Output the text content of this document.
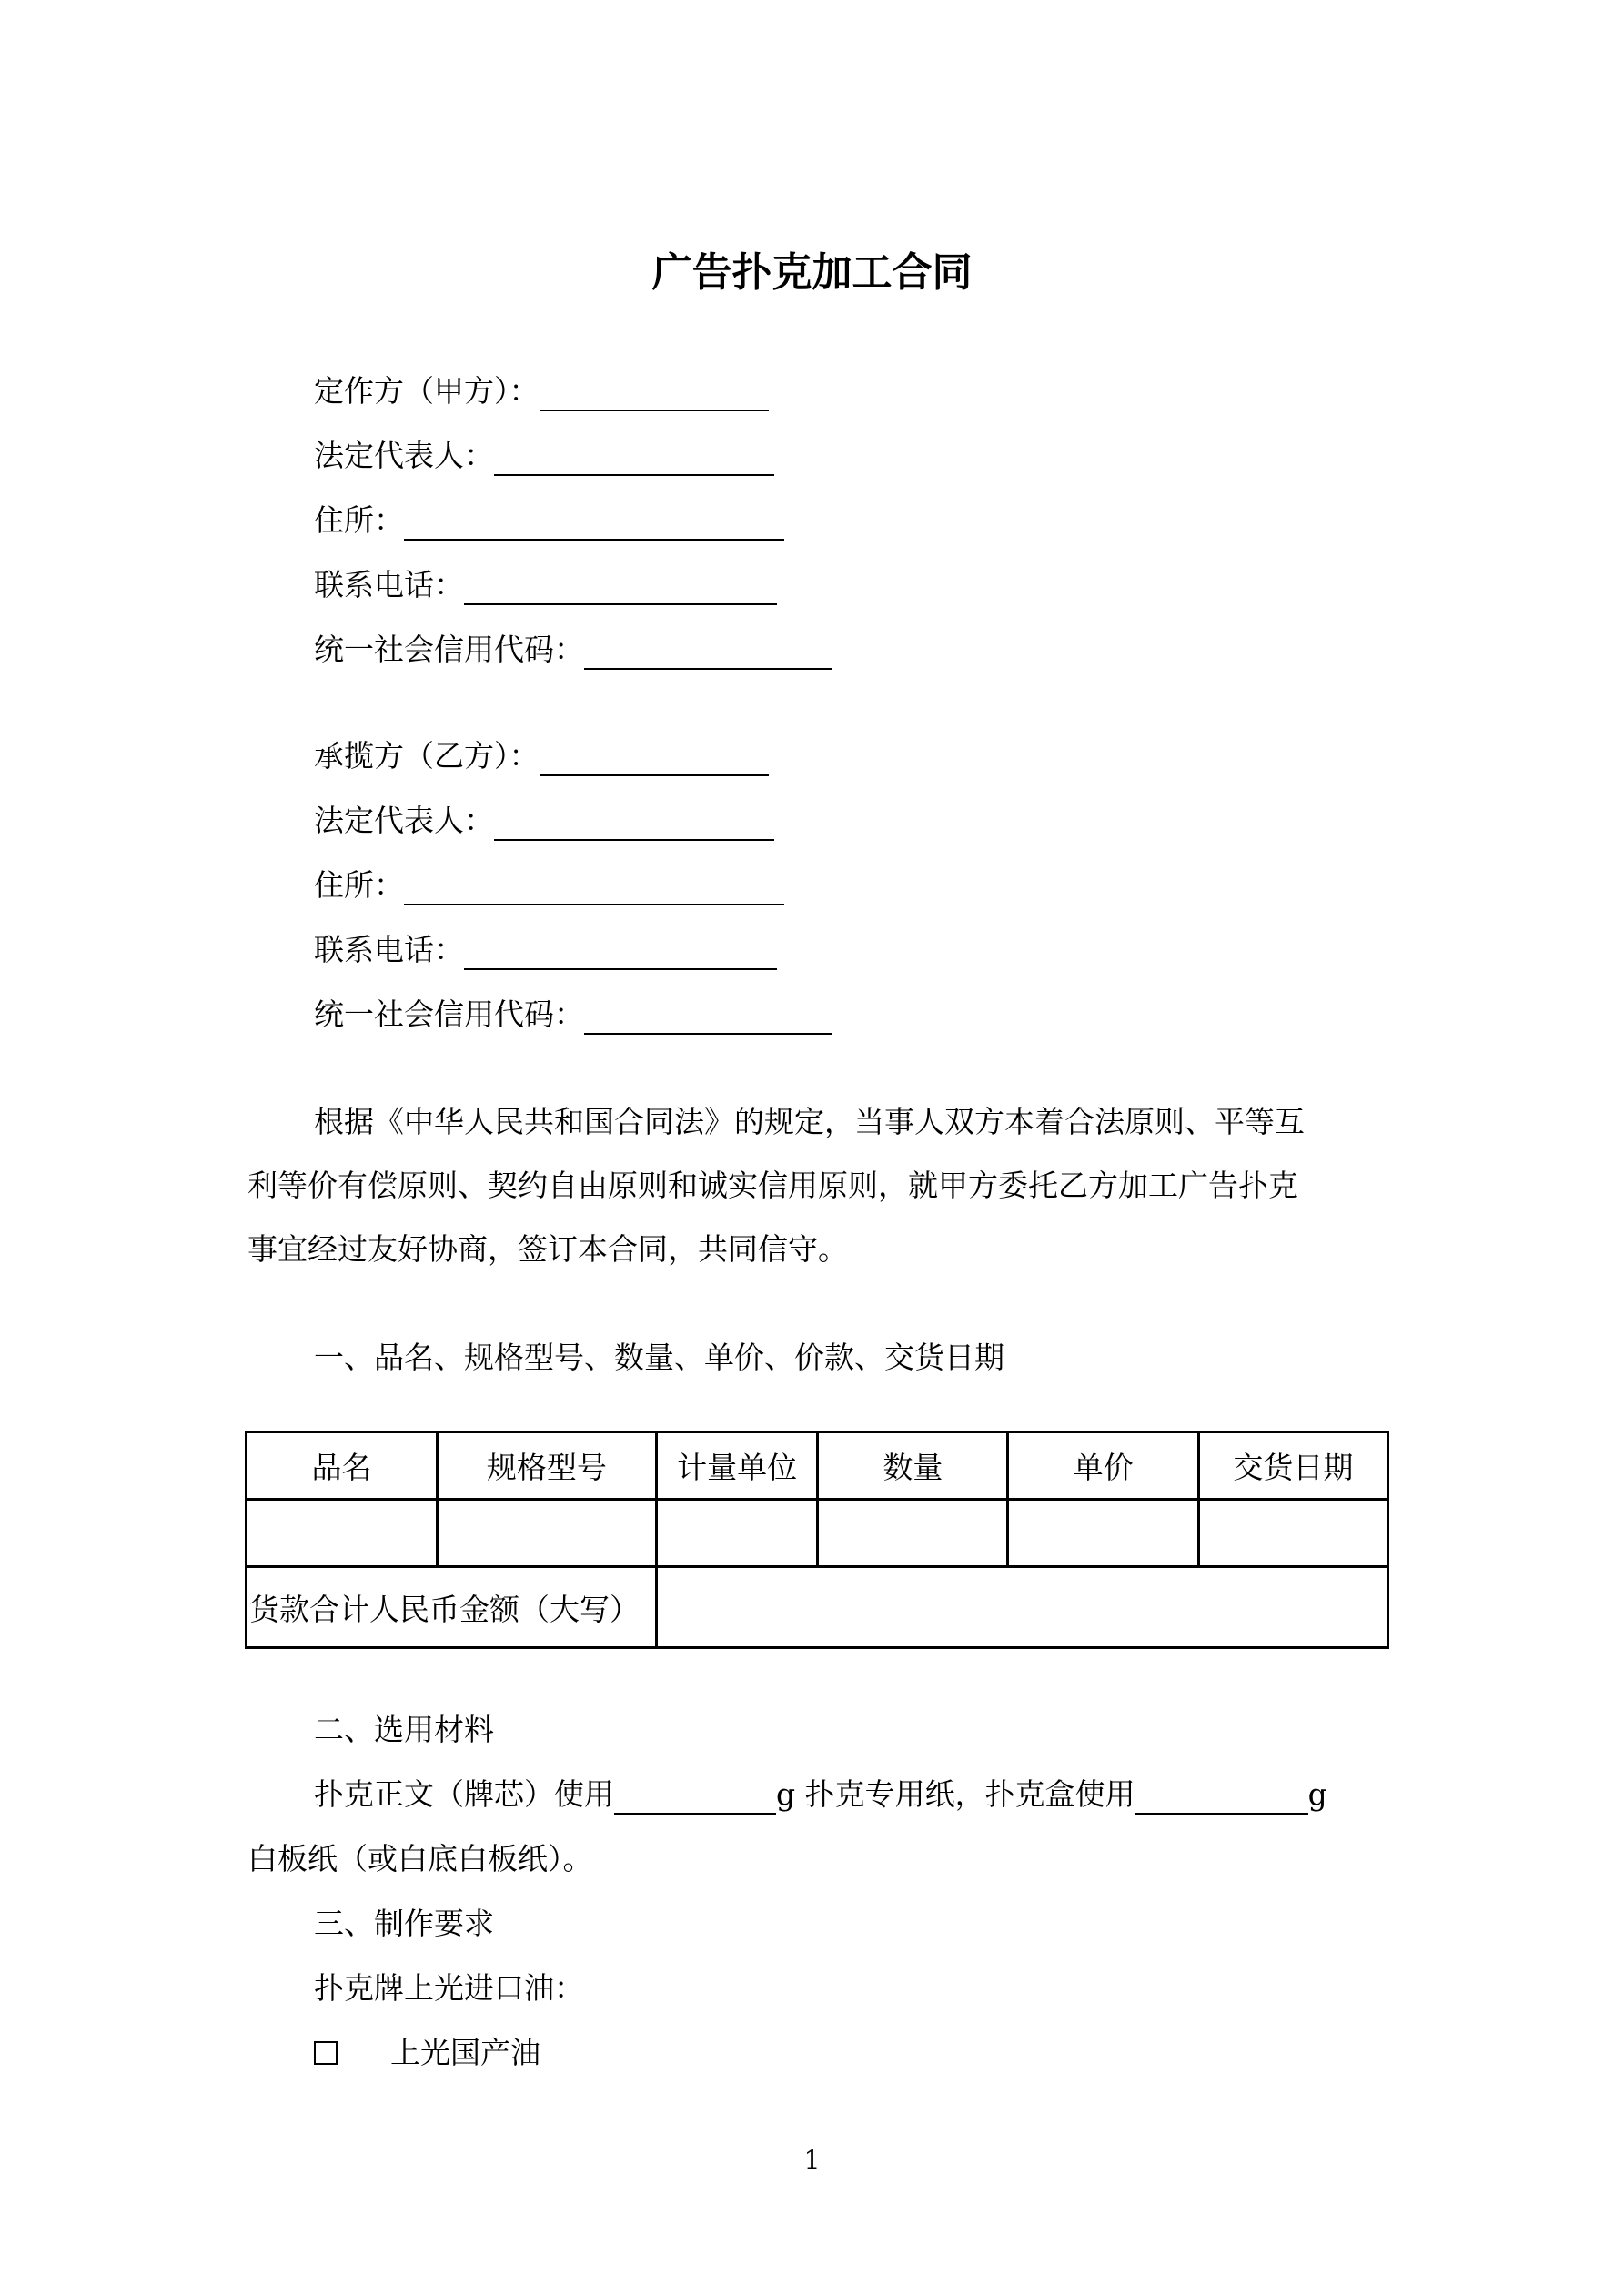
广告扑克加工合同
定作方（甲方）：
法定代表人：
住所：
联系电话：
统一社会信用代码：
承揽方（乙方）：
法定代表人：
住所：
联系电话：
统一社会信用代码：
根据《中华人民共和国合同法》的规定，当事人双方本着合法原则、平等互
利等价有偿原则、契约自由原则和诚实信用原则，就甲方委托乙方加工广告扑克
事宜经过友好协商，签订本合同，共同信守。
一、品名、规格型号、数量、单价、价款、交货日期
品名	规格型号	计量单位	数量	单价	交货日期

货款合计人民币金额（大写）					
二、选用材料
扑克正文（牌芯）使用	g 扑克专用纸，扑克盒使用	g
白板纸（或白底白板纸）。
三、制作要求
扑克牌上光进口油：
上光国产油
1
